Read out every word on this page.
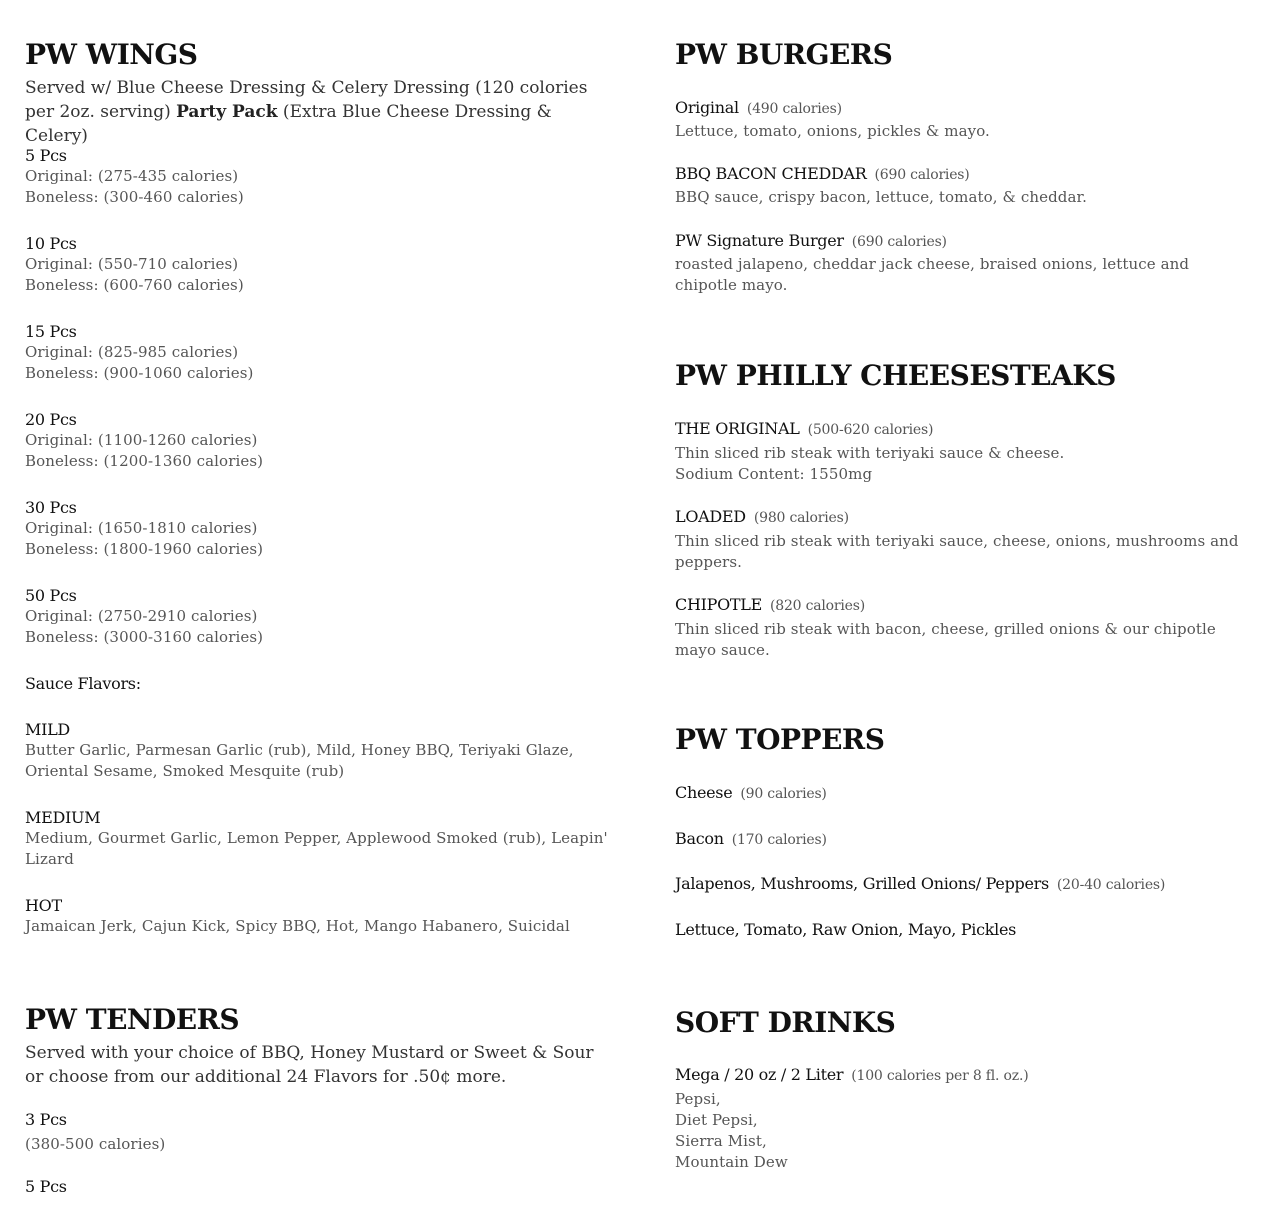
PW WINGS

Served w/ Blue Cheese Dressing & Celery Dressing (120 colories per 2oz. serving) Party Pack (Extra Blue Cheese Dressing & Celery)

5 Pcs
Original: (275-435 calories)
Boneless: (300-460 calories)
10 Pcs
Original: (550-710 calories)
Boneless: (600-760 calories)
15 Pcs
Original: (825-985 calories)
Boneless: (900-1060 calories)
20 Pcs
Original: (1100-1260 calories)
Boneless: (1200-1360 calories)
30 Pcs
Original: (1650-1810 calories)
Boneless: (1800-1960 calories)
50 Pcs
Original: (2750-2910 calories)
Boneless: (3000-3160 calories)
Sauce Flavors:
MILD
Butter Garlic, Parmesan Garlic (rub), Mild, Honey BBQ, Teriyaki Glaze, Oriental Sesame, Smoked Mesquite (rub)
MEDIUM
Medium, Gourmet Garlic, Lemon Pepper, Applewood Smoked (rub), Leapin' Lizard
HOT
Jamaican Jerk, Cajun Kick, Spicy BBQ, Hot, Mango Habanero, Suicidal
PW TENDERS

Served with your choice of BBQ, Honey Mustard or Sweet & Sour or choose from our additional 24 Flavors for .50¢ more.

3 Pcs
(380-500 calories)
5 Pcs
PW BURGERS
Original (490 calories)
Lettuce, tomato, onions, pickles & mayo.
BBQ BACON CHEDDAR (690 calories)
BBQ sauce, crispy bacon, lettuce, tomato, & cheddar.
PW Signature Burger (690 calories)
roasted jalapeno, cheddar jack cheese, braised onions, lettuce and chipotle mayo.
PW PHILLY CHEESESTEAKS
THE ORIGINAL (500-620 calories)
Thin sliced rib steak with teriyaki sauce & cheese.
Sodium Content: 1550mg
LOADED (980 calories)
Thin sliced rib steak with teriyaki sauce, cheese, onions, mushrooms and peppers.
CHIPOTLE (820 calories)
Thin sliced rib steak with bacon, cheese, grilled onions & our chipotle mayo sauce.
PW TOPPERS
Cheese (90 calories)
Bacon (170 calories)
Jalapenos, Mushrooms, Grilled Onions/ Peppers (20-40 calories)
Lettuce, Tomato, Raw Onion, Mayo, Pickles
SOFT DRINKS
Mega / 20 oz / 2 Liter (100 calories per 8 fl. oz.)
Pepsi,
Diet Pepsi,
Sierra Mist,
Mountain Dew
